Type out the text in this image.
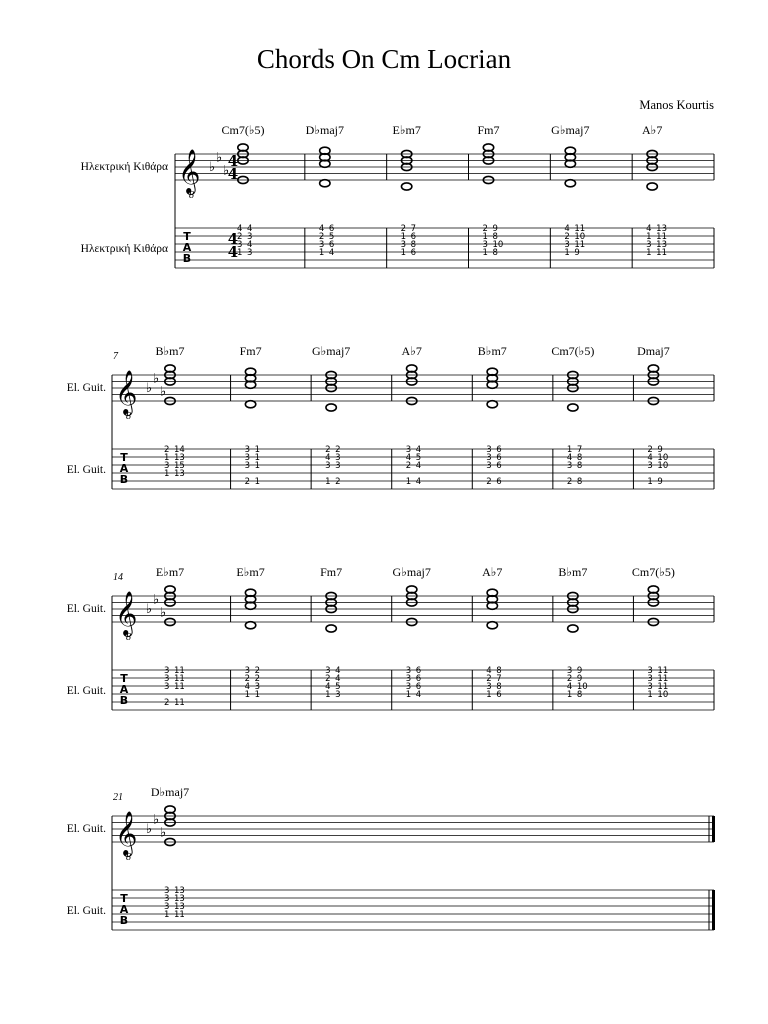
Chords On Cm Locrian
Manos Kourtis
Ηλεκτρική Κιθάρα
Ηλεκτρική Κιθάρα
𝄞
8
♭
♭
♭
4
4
4
4
T
A
B
Cm7(♭5)
4 4
2 3
3 4
1 3
D♭maj7
4 6
2 5
3 6
1 4
E♭m7
2 7
1 6
3 8
1 6
Fm7
2 9
1 8
3 10
1 8
G♭maj7
4 11
2 10
3 11
1 9
A♭7
4 13
1 11
3 13
1 11
El. Guit.
El. Guit.
7
𝄞
8
♭
♭
♭
T
A
B
B♭m7
2 14
1 13
3 15
1 13
Fm7
3 1
3 1
3 1
2 1
G♭maj7
2 2
4 3
3 3
1 2
A♭7
3 4
4 5
2 4
1 4
B♭m7
3 6
3 6
3 6
2 6
Cm7(♭5)
1 7
4 8
3 8
2 8
Dmaj7
2 9
4 10
3 10
1 9
El. Guit.
El. Guit.
14
𝄞
8
♭
♭
♭
T
A
B
E♭m7
3 11
3 11
3 11
2 11
E♭m7
3 2
2 2
4 3
1 1
Fm7
3 4
2 4
4 5
1 3
G♭maj7
3 6
3 6
3 6
1 4
A♭7
4 8
2 7
3 8
1 6
B♭m7
3 9
2 9
4 10
1 8
Cm7(♭5)
3 11
3 11
3 11
1 10
El. Guit.
El. Guit.
21
𝄞
8
♭
♭
♭
T
A
B
D♭maj7
3 13
3 13
3 13
1 11
